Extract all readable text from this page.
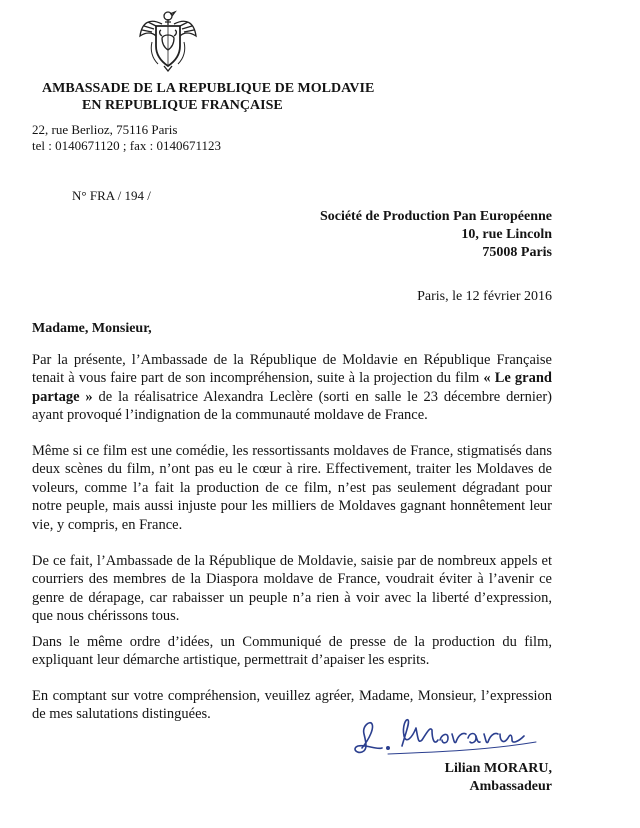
AMBASSADE DE LA REPUBLIQUE DE MOLDAVIE
EN REPUBLIQUE FRANÇAISE
22, rue Berlioz, 75116 Paris
tel : 0140671120 ; fax : 0140671123
N° FRA / 194 /
Société de Production Pan Européenne
10, rue Lincoln
75008 Paris
Paris, le 12 février 2016
Madame, Monsieur,
Par la présente, l’Ambassade de la République de Moldavie en République Française tenait à vous faire part de son incompréhension, suite à la projection du film « Le grand partage » de la réalisatrice Alexandra Leclère (sorti en salle le 23 décembre dernier) ayant provoqué l’indignation de la communauté moldave de France.
Même si ce film est une comédie, les ressortissants moldaves de France, stigmatisés dans deux scènes du film, n’ont pas eu le cœur à rire. Effectivement, traiter les Moldaves de voleurs, comme l’a fait la production de ce film, n’est pas seulement dégradant pour notre peuple, mais aussi injuste pour les milliers de Moldaves gagnant honnêtement leur vie, y compris, en France.
De ce fait, l’Ambassade de la République de Moldavie, saisie par de nombreux appels et courriers des membres de la Diaspora moldave de France, voudrait éviter à l’avenir ce genre de dérapage, car rabaisser un peuple n’a rien à voir avec la liberté d’expression, que nous chérissons tous.
Dans le même ordre d’idées, un Communiqué de presse de la production du film, expliquant leur démarche artistique, permettrait d’apaiser les esprits.
En comptant sur votre compréhension, veuillez agréer, Madame, Monsieur, l’expression de mes salutations distinguées.
Lilian MORARU,
Ambassadeur
